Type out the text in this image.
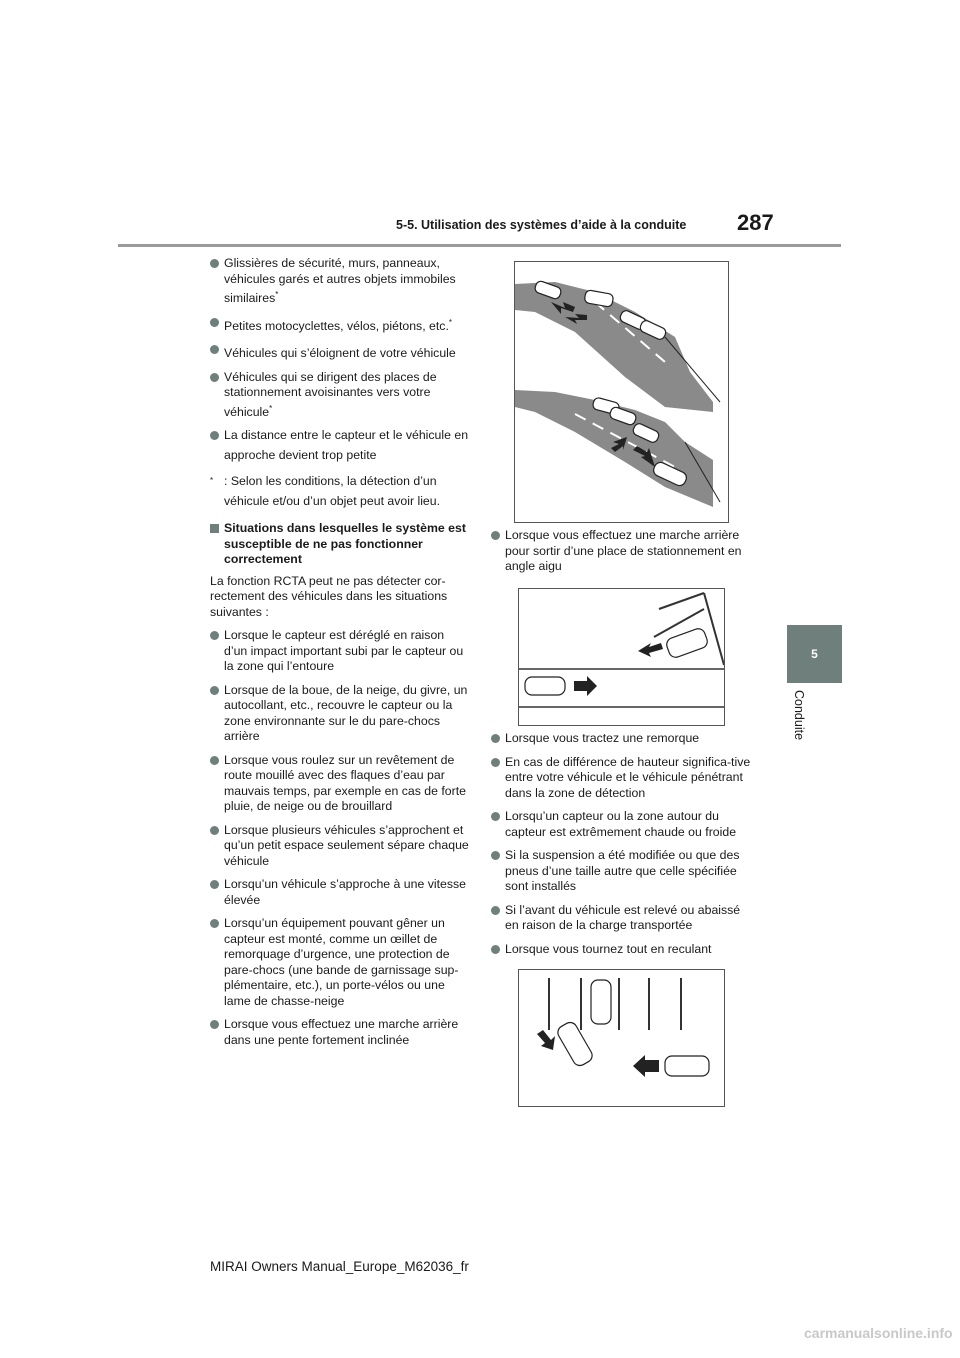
5-5. Utilisation des systèmes d’aide à la conduite 287
5
Conduite
Glissières de sécurité, murs, panneaux, véhicules garés et autres objets immobiles similaires*
Petites motocyclettes, vélos, piétons, etc.*
Véhicules qui s’éloignent de votre véhicule
Véhicules qui se dirigent des places de stationnement avoisinantes vers votre véhicule*
La distance entre le capteur et le véhicule en approche devient trop petite
* : Selon les conditions, la détection d’un véhicule et/ou d’un objet peut avoir lieu.
Situations dans lesquelles le système est susceptible de ne pas fonctionner correctement
La fonction RCTA peut ne pas détecter cor-rectement des véhicules dans les situations suivantes :
Lorsque le capteur est déréglé en raison d’un impact important subi par le capteur ou la zone qui l’entoure
Lorsque de la boue, de la neige, du givre, un autocollant, etc., recouvre le capteur ou la zone environnante sur le du pare-chocs arrière
Lorsque vous roulez sur un revêtement de route mouillé avec des flaques d’eau par mauvais temps, par exemple en cas de forte pluie, de neige ou de brouillard
Lorsque plusieurs véhicules s’approchent et qu’un petit espace seulement sépare chaque véhicule
Lorsqu’un véhicule s’approche à une vitesse élevée
Lorsqu’un équipement pouvant gêner un capteur est monté, comme un œillet de remorquage d’urgence, une protection de pare-chocs (une bande de garnissage sup-plémentaire, etc.), un porte-vélos ou une lame de chasse-neige
Lorsque vous effectuez une marche arrière dans une pente fortement inclinée
Lorsque vous effectuez une marche arrière pour sortir d’une place de stationnement en angle aigu
Lorsque vous tractez une remorque
En cas de différence de hauteur significa-tive entre votre véhicule et le véhicule pénétrant dans la zone de détection
Lorsqu’un capteur ou la zone autour du capteur est extrêmement chaude ou froide
Si la suspension a été modifiée ou que des pneus d’une taille autre que celle spécifiée sont installés
Si l’avant du véhicule est relevé ou abaissé en raison de la charge transportée
Lorsque vous tournez tout en reculant
MIRAI Owners Manual_Europe_M62036_fr
carmanualsonline.info
